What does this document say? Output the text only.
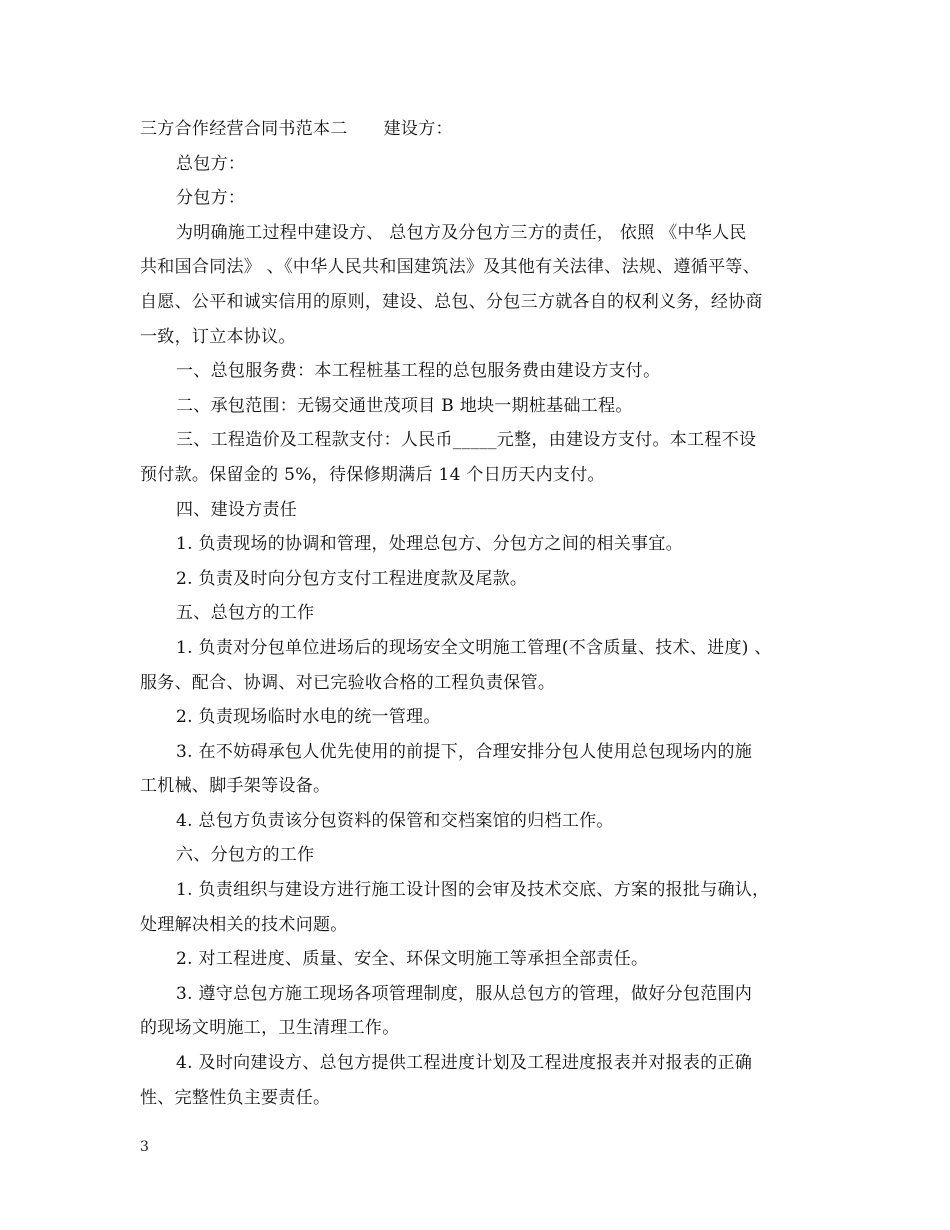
三方合作经营合同书范本二 建设方：
总包方：
分包方：
为明确施工过程中建设方、 总包方及分包方三方的责任， 依照 《中华人民
共和国合同法》 、《中华人民共和国建筑法》及其他有关法律、法规、遵循平等、
自愿、公平和诚实信用的原则，建设、总包、分包三方就各自的权利义务，经协商
一致，订立本协议。
一、总包服务费：本工程桩基工程的总包服务费由建设方支付。
二、承包范围：无锡交通世茂项目 B 地块一期桩基础工程。
三、工程造价及工程款支付：人民币_____元整，由建设方支付。本工程不设
预付款。保留金的 5%，待保修期满后 14 个日历天内支付。
四、建设方责任
1. 负责现场的协调和管理，处理总包方、分包方之间的相关事宜。
2. 负责及时向分包方支付工程进度款及尾款。
五、总包方的工作
1. 负责对分包单位进场后的现场安全文明施工管理(不含质量、技术、进度) 、
服务、配合、协调、对已完验收合格的工程负责保管。
2. 负责现场临时水电的统一管理。
3. 在不妨碍承包人优先使用的前提下，合理安排分包人使用总包现场内的施
工机械、脚手架等设备。
4. 总包方负责该分包资料的保管和交档案馆的归档工作。
六、分包方的工作
1. 负责组织与建设方进行施工设计图的会审及技术交底、方案的报批与确认，
处理解决相关的技术问题。
2. 对工程进度、质量、安全、环保文明施工等承担全部责任。
3. 遵守总包方施工现场各项管理制度，服从总包方的管理，做好分包范围内
的现场文明施工，卫生清理工作。
4. 及时向建设方、总包方提供工程进度计划及工程进度报表并对报表的正确
性、完整性负主要责任。
3
